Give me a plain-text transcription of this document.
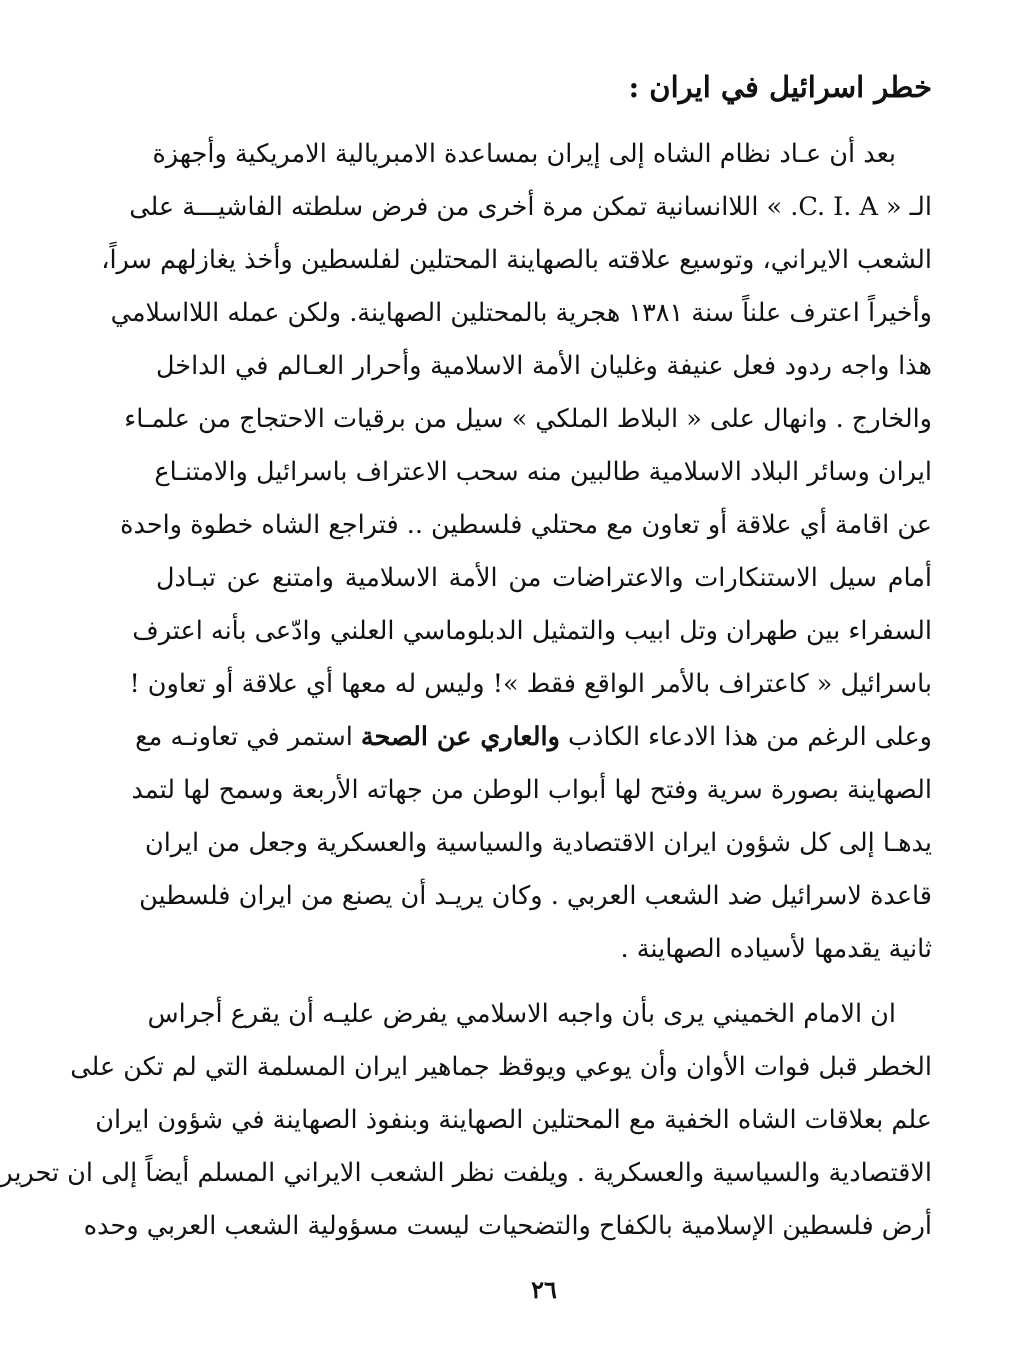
خطر اسرائيل في ايران :
بعد أن عـاد نظام الشاه إلى إيران بمساعدة الامبريالية الامريكية وأجهزة
الـ « C. I. A. » اللاانسانية تمكن مرة أخرى من فرض سلطته الفاشيـــة على
الشعب الايراني، وتوسيع علاقته بالصهاينة المحتلين لفلسطين وأخذ يغازلهم سراً،
وأخيراً اعترف علناً سنة ١٣٨١ هجرية بالمحتلين الصهاينة. ولكن عمله اللااسلامي
هذا واجه ردود فعل عنيفة وغليان الأمة الاسلامية وأحرار العـالم في الداخل
والخارج . وانهال على « البلاط الملكي » سيل من برقيات الاحتجاج من علمـاء
ايران وسائر البلاد الاسلامية طالبين منه سحب الاعتراف باسرائيل والامتنـاع
عن اقامة أي علاقة أو تعاون مع محتلي فلسطين .. فتراجع الشاه خطوة واحدة
أمام سيل الاستنكارات والاعتراضات من الأمة الاسلامية وامتنع عن تبـادل
السفراء بين طهران وتل ابيب والتمثيل الدبلوماسي العلني وادّعى بأنه اعترف
باسرائيل « كاعتراف بالأمر الواقع فقط »! وليس له معها أي علاقة أو تعاون !
وعلى الرغم من هذا الادعاء الكاذب والعاري عن الصحة استمر في تعاونـه مع
الصهاينة بصورة سرية وفتح لها أبواب الوطن من جهاته الأربعة وسمح لها لتمد
يدهـا إلى كل شؤون ايران الاقتصادية والسياسية والعسكرية وجعل من ايران
قاعدة لاسرائيل ضد الشعب العربي . وكان يريـد أن يصنع من ايران فلسطين
ثانية يقدمها لأسياده الصهاينة .
ان الامام الخميني يرى بأن واجبه الاسلامي يفرض عليـه أن يقرع أجراس
الخطر قبل فوات الأوان وأن يوعي ويوقظ جماهير ايران المسلمة التي لم تكن على
علم بعلاقات الشاه الخفية مع المحتلين الصهاينة وبنفوذ الصهاينة في شؤون ايران
الاقتصادية والسياسية والعسكرية . ويلفت نظر الشعب الايراني المسلم أيضاً إلى ان تحرير
أرض فلسطين الإسلامية بالكفاح والتضحيات ليست مسؤولية الشعب العربي وحده
٢٦
